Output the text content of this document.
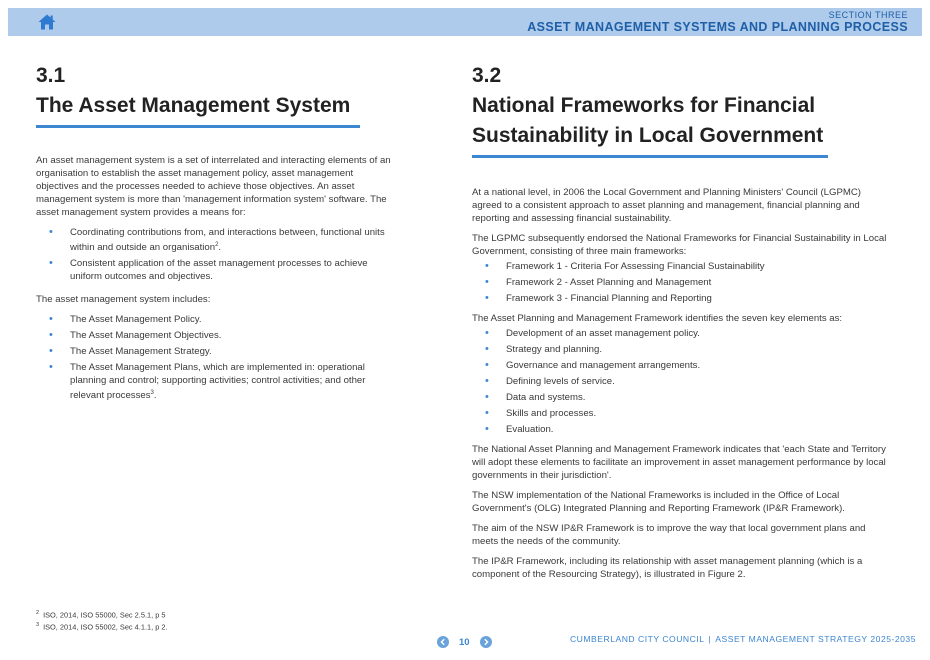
SECTION THREE
ASSET MANAGEMENT SYSTEMS AND PLANNING PROCESS
3.1
The Asset Management System

An asset management system is a set of interrelated and interacting elements of an organisation to establish the asset management policy, asset management objectives and the processes needed to achieve those objectives. An asset management system is more than 'management information system' software. The asset management system provides a means for:

• Coordinating contributions from, and interactions between, functional units within and outside an organisation$^2$.
• Consistent application of the asset management processes to achieve uniform outcomes and objectives.

The asset management system includes:

• The Asset Management Policy.
• The Asset Management Objectives.
• The Asset Management Strategy.
• The Asset Management Plans, which are implemented in: operational planning and control; supporting activities; control activities; and other relevant processes$^3$.
3.2
National Frameworks for Financial
Sustainability in Local Government

At a national level, in 2006 the Local Government and Planning Ministers' Council (LGPMC) agreed to a consistent approach to asset planning and management, financial planning and reporting and assessing financial sustainability.

The LGPMC subsequently endorsed the National Frameworks for Financial Sustainability in Local Government, consisting of three main frameworks:

• Framework 1 - Criteria For Assessing Financial Sustainability
• Framework 2 - Asset Planning and Management
• Framework 3 - Financial Planning and Reporting

The Asset Planning and Management Framework identifies the seven key elements as:

• Development of an asset management policy.
• Strategy and planning.
• Governance and management arrangements.
• Defining levels of service.
• Data and systems.
• Skills and processes.
• Evaluation.

The National Asset Planning and Management Framework indicates that 'each State and Territory will adopt these elements to facilitate an improvement in asset management performance by local governments in their jurisdiction'.

The NSW implementation of the National Frameworks is included in the Office of Local Government's (OLG) Integrated Planning and Reporting Framework (IP&R Framework).

The aim of the NSW IP&R Framework is to improve the way that local government plans and meets the needs of the community.

The IP&R Framework, including its relationship with asset management planning (which is a component of the Resourcing Strategy), is illustrated in Figure 2.

$^2$ ISO, 2014, ISO 55000, Sec 2.5.1, p 5
$^3$ ISO, 2014, ISO 55002, Sec 4.1.1, p 2.
10	CUMBERLAND CITY COUNCIL | ASSET MANAGEMENT STRATEGY 2025-2035
